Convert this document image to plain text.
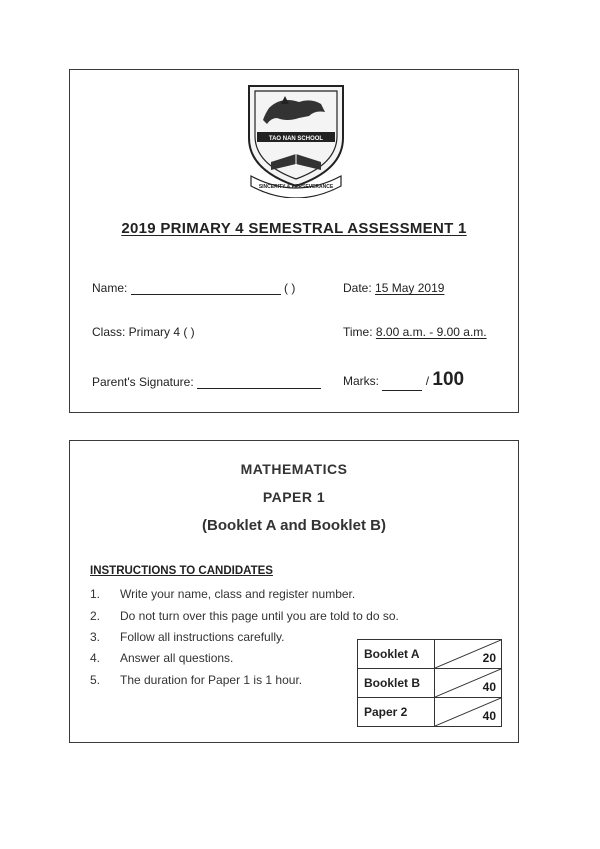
TAO NAN SCHOOL
SINCERITY & PERSEVERANCE
2019 PRIMARY 4 SEMESTRAL ASSESSMENT 1
Name:	( )	Date: 15 May 2019
Class: Primary 4 ( )	Time: 8.00 a.m. - 9.00 a.m.
Parent's Signature:	Marks:	/ 100
MATHEMATICS
PAPER 1
(Booklet A and Booklet B)
INSTRUCTIONS TO CANDIDATES
1. Write your name, class and register number.
2. Do not turn over this page until you are told to do so.
3. Follow all instructions carefully.
4. Answer all questions.
5. The duration for Paper 1 is 1 hour.
Booklet A	20

Booklet B	40

Paper 2	40
